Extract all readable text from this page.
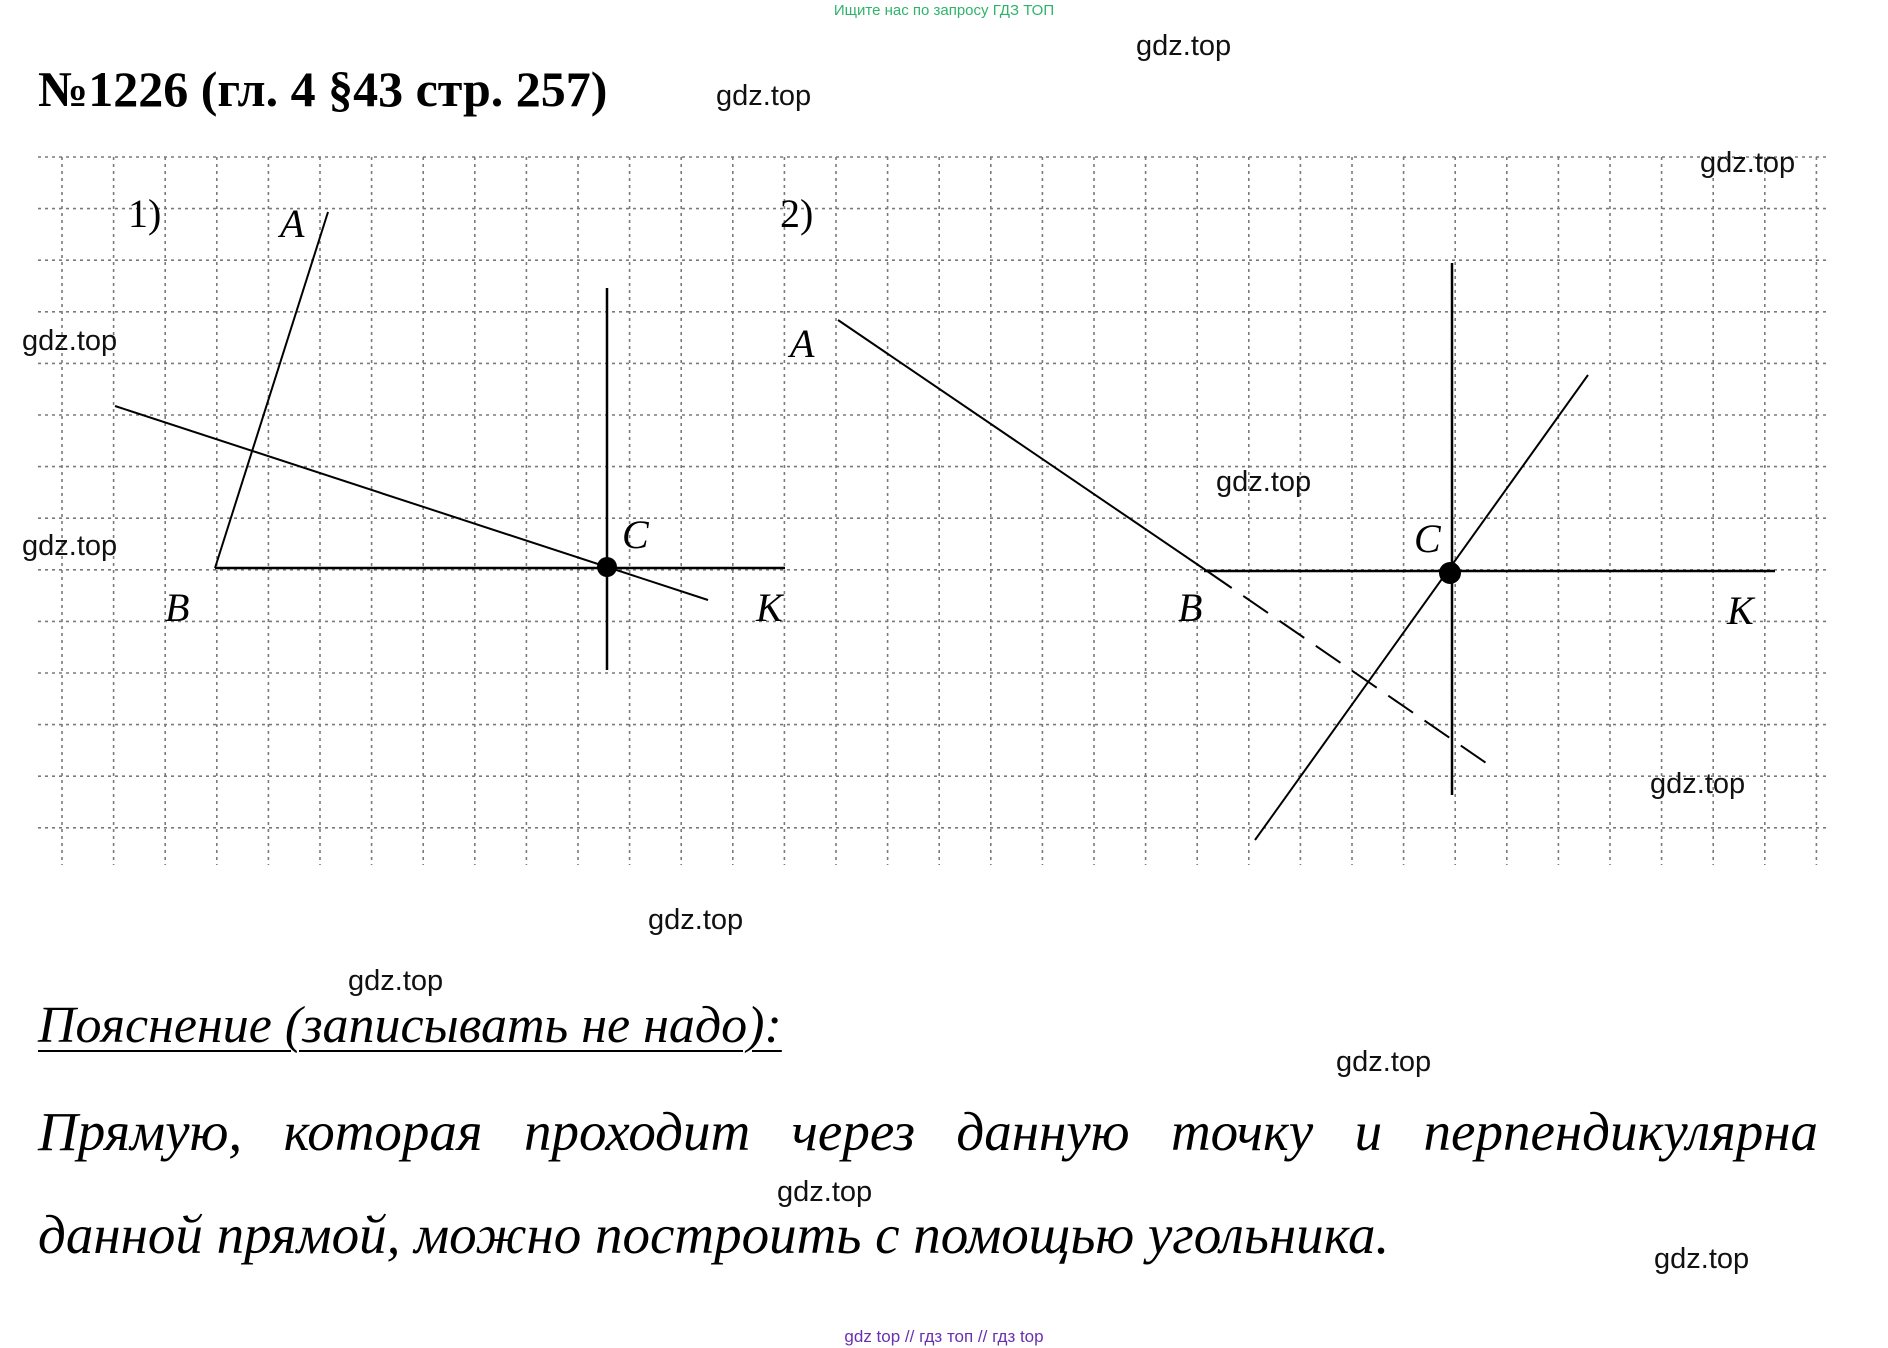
Ищите нас по запросу ГДЗ ТОП
№1226 (гл. 4 §43 стр. 257)
1)	A
B
C
К
2)
A
B
C
К
gdz.top
gdz.top
gdz.top
gdz.top
gdz.top
gdz.top
gdz.top
gdz.top
gdz.top
gdz.top
gdz.top
gdz.top
Пояснение (записывать не надо):
Прямую, которая проходит через данную точку и перпендикулярна
данной прямой, можно построить с помощью угольника.
gdz top // гдз топ // гдз top
